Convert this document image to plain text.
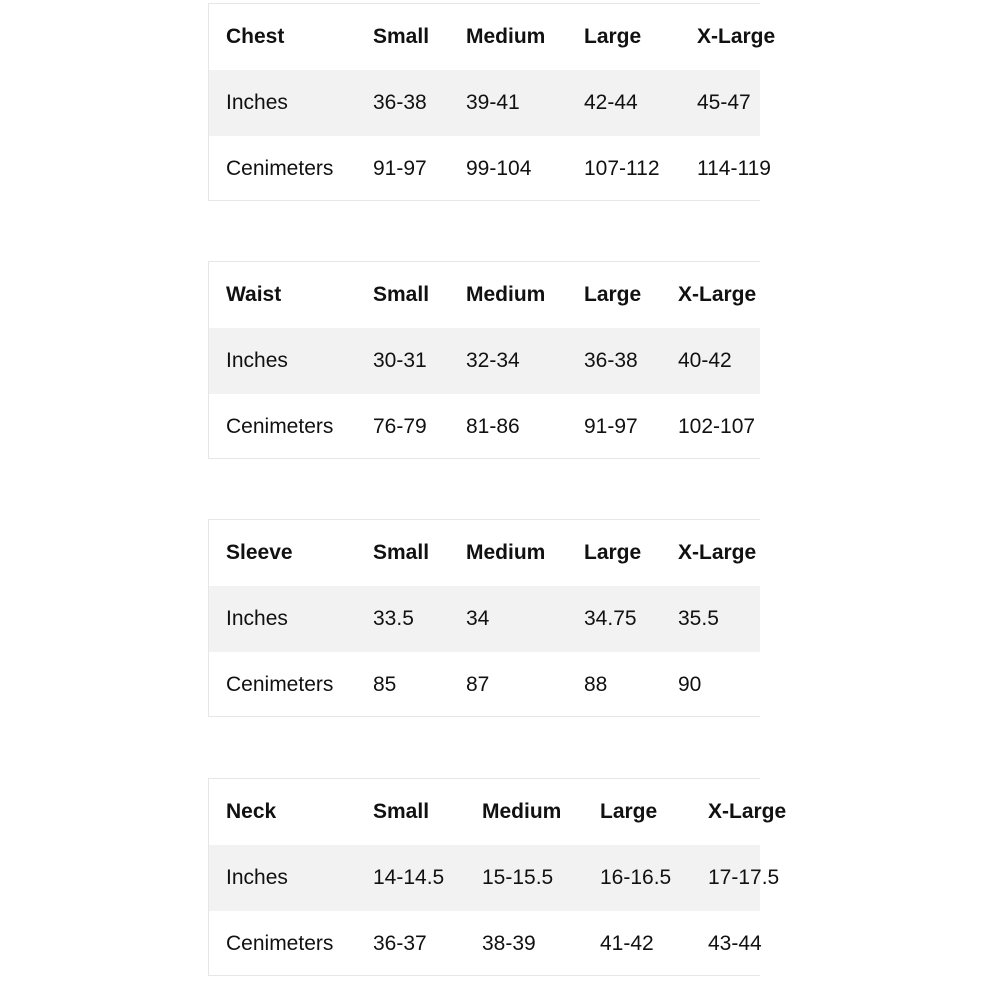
Chest	Small Medium Large	X-Large
Inches	36-38 39-41	42-44	45-47
Cenimeters 91-97 99-104	107-112 114-119
Waist	Small Medium Large X-Large
Inches	30-31 32-34	36-38 40-42
Cenimeters 76-79 81-86	91-97 102-107
Sleeve	Small Medium Large X-Large
Inches	33.5 34	34.75 35.5
Cenimeters 85	87	88	90
Neck	Small	Medium Large X-Large
Inches	14-14.5 15-15.5 16-16.5 17-17.5
Cenimeters 36-37	38-39	41-42	43-44
